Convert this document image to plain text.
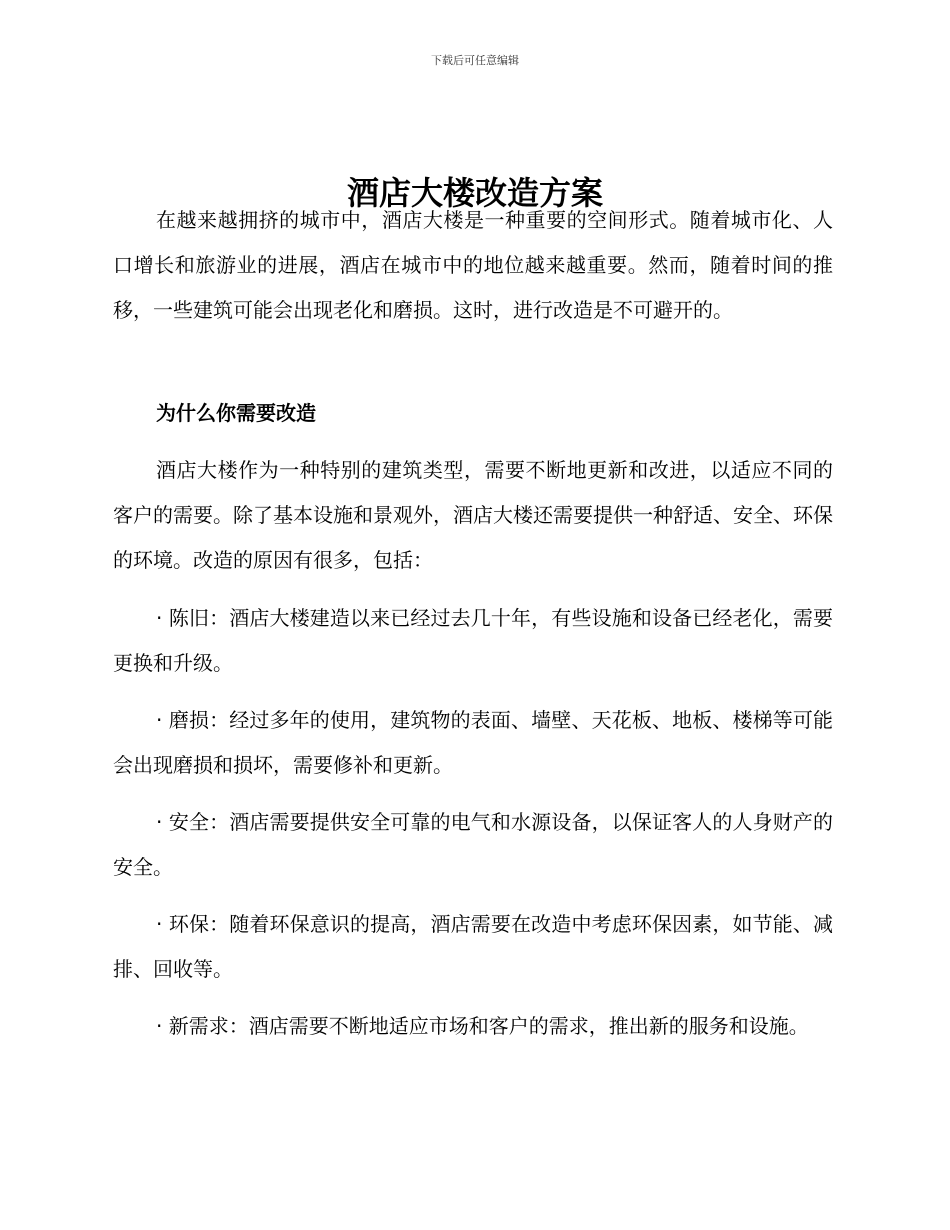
下载后可任意编辑
酒店大楼改造方案

在越来越拥挤的城市中，酒店大楼是一种重要的空间形式。随着城市化、人口增长和旅游业的进展，酒店在城市中的地位越来越重要。然而，随着时间的推移，一些建筑可能会出现老化和磨损。这时，进行改造是不可避开的。

为什么你需要改造

酒店大楼作为一种特别的建筑类型，需要不断地更新和改进，以适应不同的客户的需要。除了基本设施和景观外，酒店大楼还需要提供一种舒适、安全、环保的环境。改造的原因有很多，包括：

· 陈旧：酒店大楼建造以来已经过去几十年，有些设施和设备已经老化，需要更换和升级。

· 磨损：经过多年的使用，建筑物的表面、墙壁、天花板、地板、楼梯等可能会出现磨损和损坏，需要修补和更新。

· 安全：酒店需要提供安全可靠的电气和水源设备，以保证客人的人身财产的安全。

· 环保：随着环保意识的提高，酒店需要在改造中考虑环保因素，如节能、减排、回收等。

· 新需求：酒店需要不断地适应市场和客户的需求，推出新的服务和设施。
